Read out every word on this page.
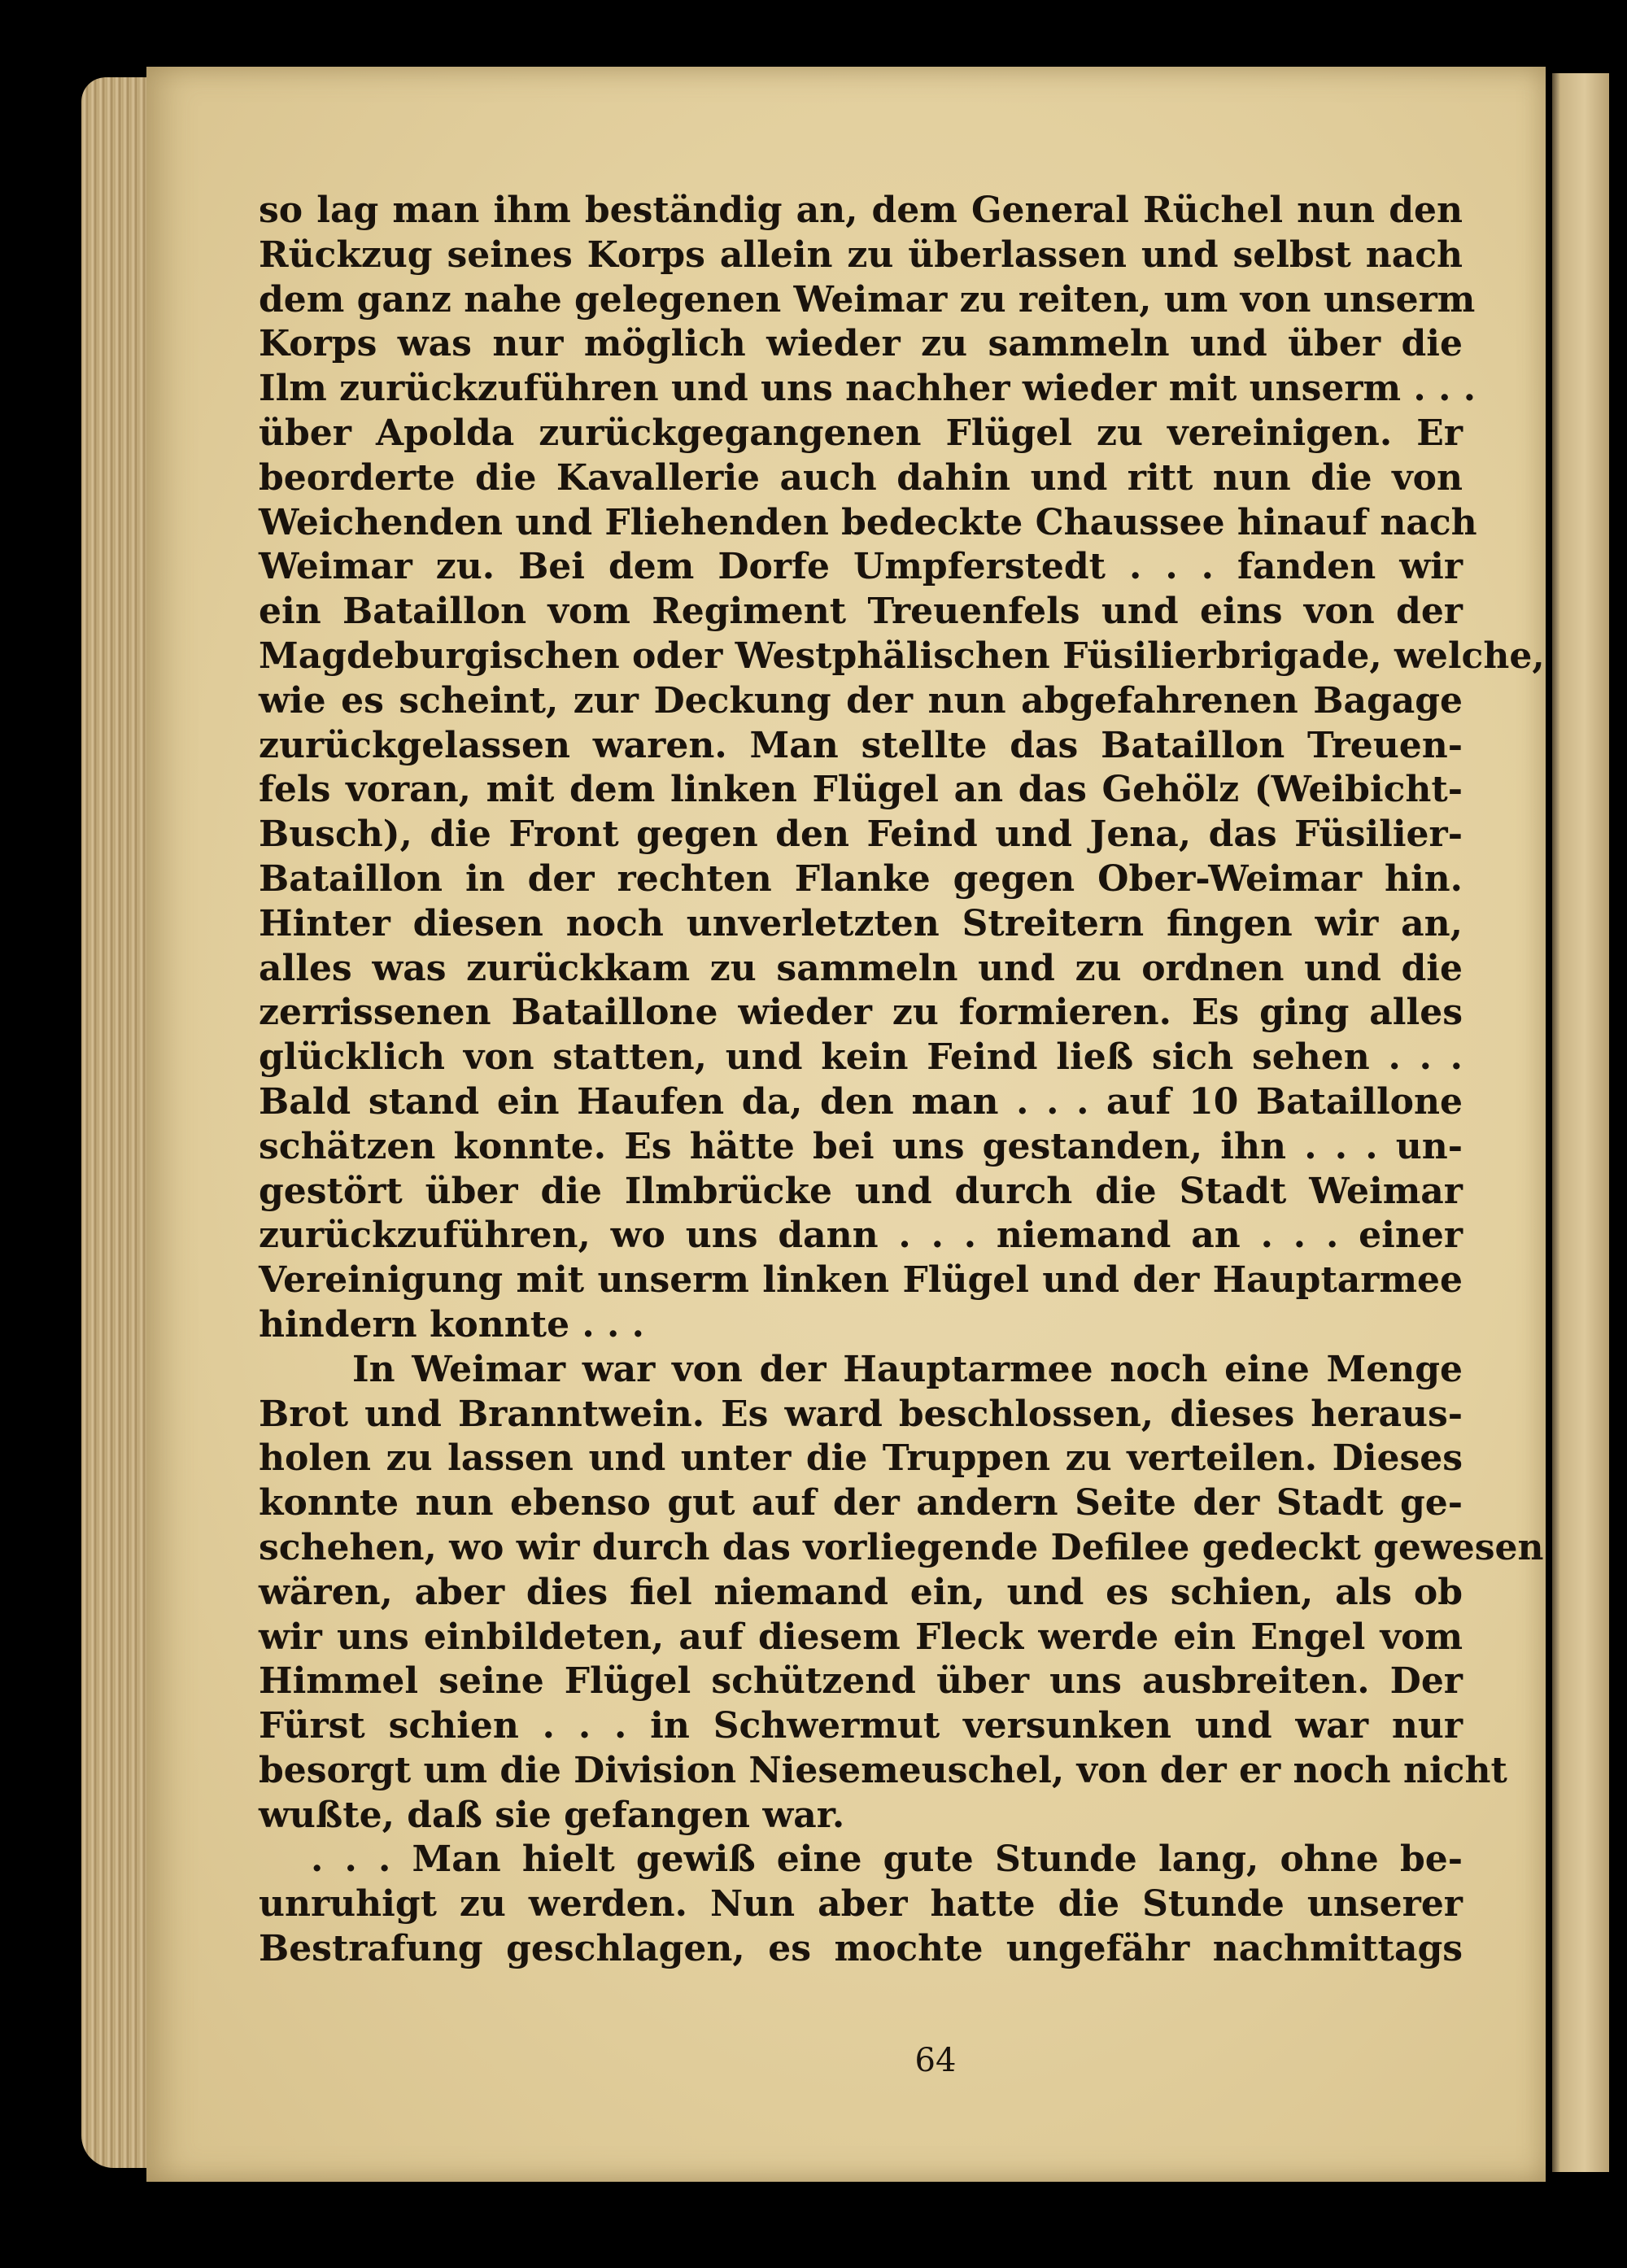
so lag man ihm beständig an, dem General Rüchel nun den
Rückzug seines Korps allein zu überlassen und selbst nach
dem ganz nahe gelegenen Weimar zu reiten, um von unserm
Korps was nur möglich wieder zu sammeln und über die
Ilm zurückzuführen und uns nachher wieder mit unserm . . .
über Apolda zurückgegangenen Flügel zu vereinigen. Er
beorderte die Kavallerie auch dahin und ritt nun die von
Weichenden und Fliehenden bedeckte Chaussee hinauf nach
Weimar zu. Bei dem Dorfe Umpferstedt . . . fanden wir
ein Bataillon vom Regiment Treuenfels und eins von der
Magdeburgischen oder Westphälischen Füsilierbrigade, welche,
wie es scheint, zur Deckung der nun abgefahrenen Bagage
zurückgelassen waren. Man stellte das Bataillon Treuen-
fels voran, mit dem linken Flügel an das Gehölz (Weibicht-
Busch), die Front gegen den Feind und Jena, das Füsilier-
Bataillon in der rechten Flanke gegen Ober-Weimar hin.
Hinter diesen noch unverletzten Streitern fingen wir an,
alles was zurückkam zu sammeln und zu ordnen und die
zerrissenen Bataillone wieder zu formieren. Es ging alles
glücklich von statten, und kein Feind ließ sich sehen . . .
Bald stand ein Haufen da, den man . . . auf 10 Bataillone
schätzen konnte. Es hätte bei uns gestanden, ihn . . . un-
gestört über die Ilmbrücke und durch die Stadt Weimar
zurückzuführen, wo uns dann . . . niemand an . . . einer
Vereinigung mit unserm linken Flügel und der Hauptarmee
hindern konnte . . .
In Weimar war von der Hauptarmee noch eine Menge
Brot und Branntwein. Es ward beschlossen, dieses heraus-
holen zu lassen und unter die Truppen zu verteilen. Dieses
konnte nun ebenso gut auf der andern Seite der Stadt ge-
schehen, wo wir durch das vorliegende Defilee gedeckt gewesen
wären, aber dies fiel niemand ein, und es schien, als ob
wir uns einbildeten, auf diesem Fleck werde ein Engel vom
Himmel seine Flügel schützend über uns ausbreiten. Der
Fürst schien . . . in Schwermut versunken und war nur
besorgt um die Division Niesemeuschel, von der er noch nicht
wußte, daß sie gefangen war.
. . . Man hielt gewiß eine gute Stunde lang, ohne be-
unruhigt zu werden. Nun aber hatte die Stunde unserer
Bestrafung geschlagen, es mochte ungefähr nachmittags
64
